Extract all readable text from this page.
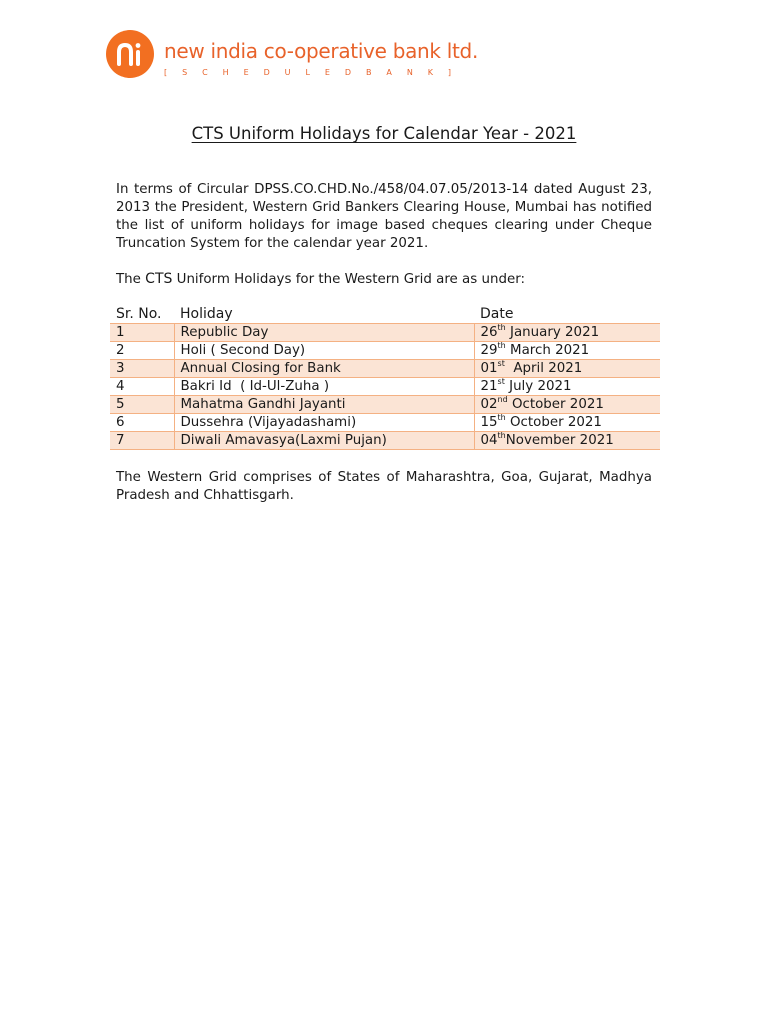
new india co-operative bank ltd.
[ S C H E D U L E D B A N K ]
CTS Uniform Holidays for Calendar Year - 2021
In terms of Circular DPSS.CO.CHD.No./458/04.07.05/2013-14 dated August 23, 2013 the President, Western Grid Bankers Clearing House, Mumbai has notified the list of uniform holidays for image based cheques clearing under Cheque Truncation System for the calendar year 2021.
The CTS Uniform Holidays for the Western Grid are as under:
Sr. No.	Holiday	Date
1	Republic Day	26th January 2021
2	Holi ( Second Day)	29th March 2021
3	Annual Closing for Bank	01st  April 2021
4	Bakri Id  ( Id-Ul-Zuha )	21st July 2021
5	Mahatma Gandhi Jayanti	02nd October 2021
6	Dussehra (Vijayadashami)	15th October 2021
7	Diwali Amavasya(Laxmi Pujan)	04thNovember 2021
The Western Grid comprises of States of Maharashtra, Goa, Gujarat, Madhya Pradesh and Chhattisgarh.
